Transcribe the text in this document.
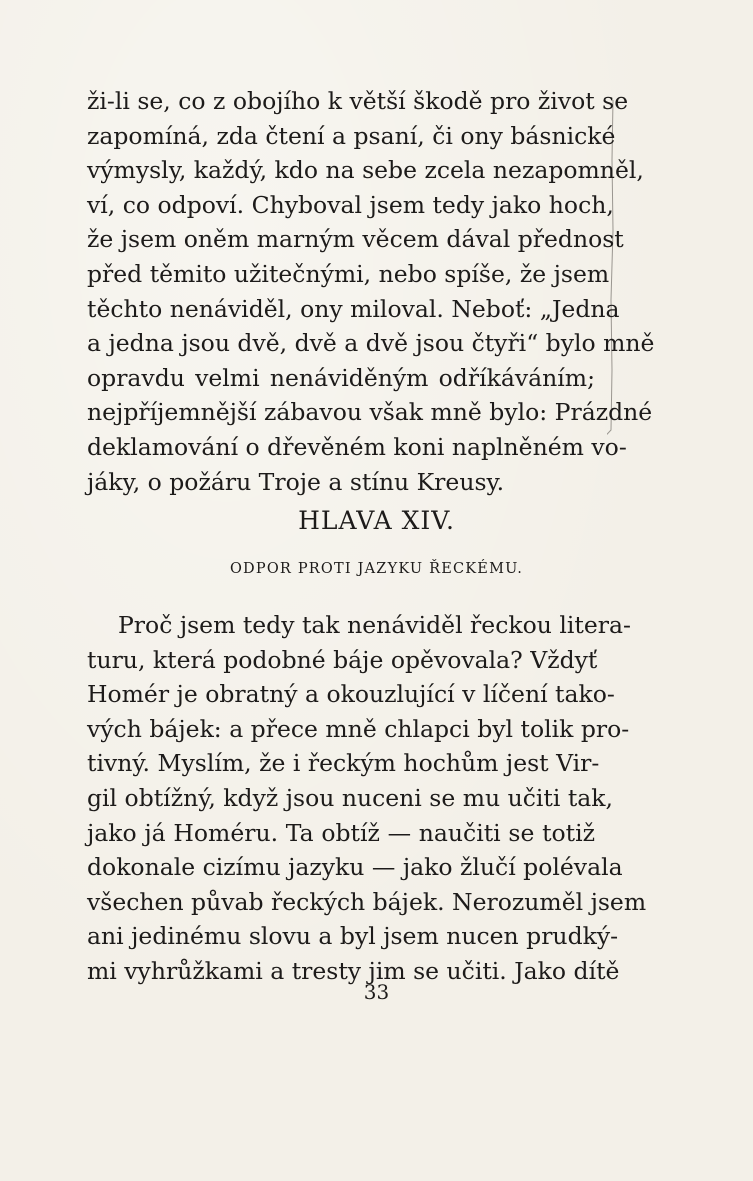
ži-li se, co z obojího k větší škodě pro život se
zapomíná, zda čtení a psaní, či ony básnické
výmysly, každý, kdo na sebe zcela nezapomněl,
ví, co odpoví. Chyboval jsem tedy jako hoch,
že jsem oněm marným věcem dával přednost
před těmito užitečnými, nebo spíše, že jsem
těchto nenáviděl, ony miloval. Neboť: „Jedna
a jedna jsou dvě, dvě a dvě jsou čtyři“ bylo mně
opravdu velmi nenáviděným odříkáváním;
nejpříjemnější zábavou však mně bylo: Prázdné
deklamování o dřevěném koni naplněném vo-
jáky, o požáru Troje a stínu Kreusy.
HLAVA XIV.
ODPOR PROTI JAZYKU ŘECKÉMU.
Proč jsem tedy tak nenáviděl řeckou litera-
turu, která podobné báje opěvovala? Vždyť
Homér je obratný a okouzlující v líčení tako-
vých bájek: a přece mně chlapci byl tolik pro-
tivný. Myslím, že i řeckým hochům jest Vir-
gil obtížný, když jsou nuceni se mu učiti tak,
jako já Homéru. Ta obtíž — naučiti se totiž
dokonale cizímu jazyku — jako žlučí polévala
všechen půvab řeckých bájek. Nerozuměl jsem
ani jedinému slovu a byl jsem nucen prudký-
mi vyhrůžkami a tresty jim se učiti. Jako dítě
33
